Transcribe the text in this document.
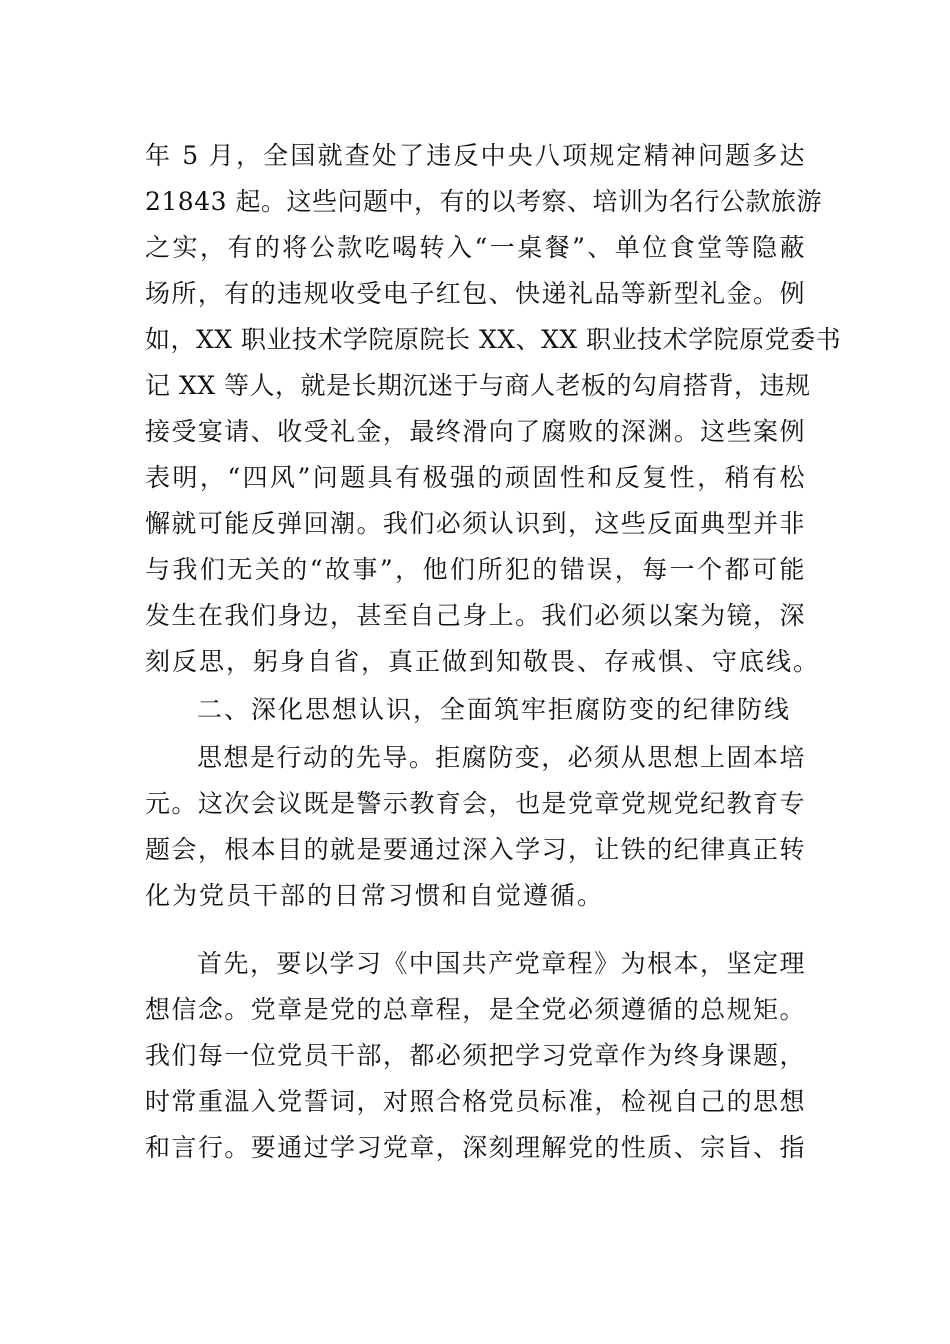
年 5 月，全国就查处了违反中央八项规定精神问题多达
21843 起。这些问题中，有的以考察、培训为名行公款旅游
之实，有的将公款吃喝转入“一桌餐”、单位食堂等隐蔽
场所，有的违规收受电子红包、快递礼品等新型礼金。例
如，XX 职业技术学院原院长 XX、XX 职业技术学院原党委书
记 XX 等人，就是长期沉迷于与商人老板的勾肩搭背，违规
接受宴请、收受礼金，最终滑向了腐败的深渊。这些案例
表明，“四风”问题具有极强的顽固性和反复性，稍有松
懈就可能反弹回潮。我们必须认识到，这些反面典型并非
与我们无关的“故事”，他们所犯的错误，每一个都可能
发生在我们身边，甚至自己身上。我们必须以案为镜，深
刻反思，躬身自省，真正做到知敬畏、存戒惧、守底线。
二、深化思想认识，全面筑牢拒腐防变的纪律防线
思想是行动的先导。拒腐防变，必须从思想上固本培
元。这次会议既是警示教育会，也是党章党规党纪教育专
题会，根本目的就是要通过深入学习，让铁的纪律真正转
化为党员干部的日常习惯和自觉遵循。
首先，要以学习《中国共产党章程》为根本，坚定理
想信念。党章是党的总章程，是全党必须遵循的总规矩。
我们每一位党员干部，都必须把学习党章作为终身课题，
时常重温入党誓词，对照合格党员标准，检视自己的思想
和言行。要通过学习党章，深刻理解党的性质、宗旨、指
